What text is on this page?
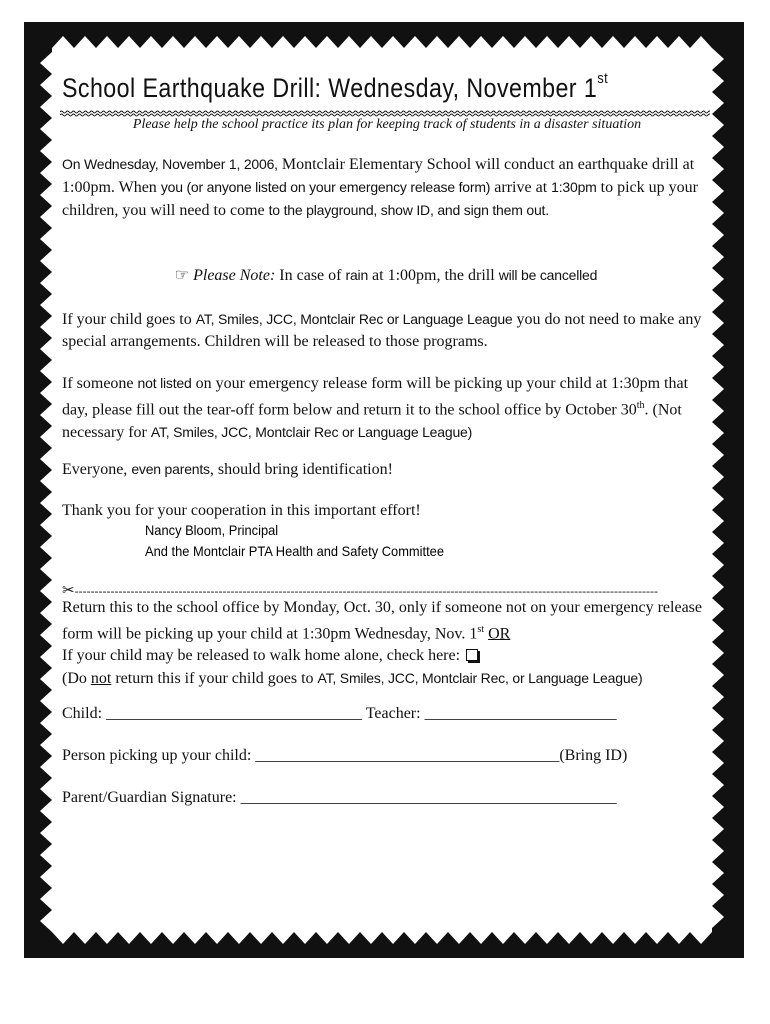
School Earthquake Drill: Wednesday, November 1st
Please help the school practice its plan for keeping track of students in a disaster situation
On Wednesday, November 1, 2006, Montclair Elementary School will conduct an earthquake drill at 1:00pm. When you (or anyone listed on your emergency release form) arrive at 1:30pm to pick up your children, you will need to come to the playground, show ID, and sign them out.
☞ Please Note: In case of rain at 1:00pm, the drill will be cancelled
If your child goes to AT, Smiles, JCC, Montclair Rec or Language League you do not need to make any special arrangements. Children will be released to those programs.
If someone not listed on your emergency release form will be picking up your child at 1:30pm that day, please fill out the tear-off form below and return it to the school office by October 30th. (Not necessary for AT, Smiles, JCC, Montclair Rec or Language League)
Everyone, even parents, should bring identification!
Thank you for your cooperation in this important effort!
Nancy Bloom, Principal
And the Montclair PTA Health and Safety Committee
✂--------------------------------------------------------------------------------------------------------------------------------------------------
Return this to the school office by Monday, Oct. 30, only if someone not on your emergency release form will be picking up your child at 1:30pm Wednesday, Nov. 1st OR
If your child may be released to walk home alone, check here:
(Do not return this if your child goes to AT, Smiles, JCC, Montclair Rec, or Language League)
Child: ________________________________ Teacher: ________________________
Person picking up your child: ______________________________________(Bring ID)
Parent/Guardian Signature: _______________________________________________
